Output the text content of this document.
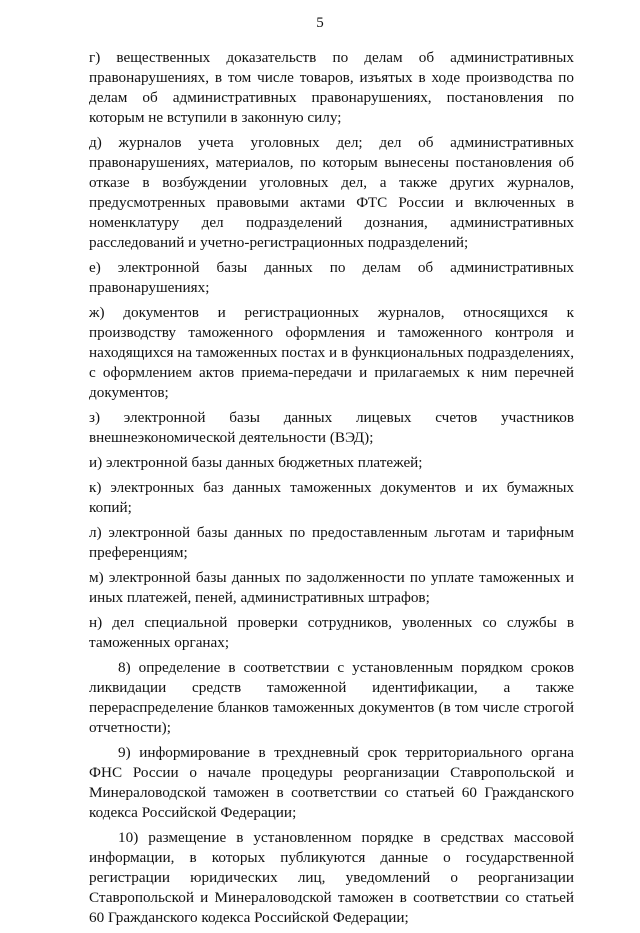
5

г) вещественных доказательств по делам об административных правонарушениях, в том числе товаров, изъятых в ходе производства по делам об административных правонарушениях, постановления по которым не вступили в законную силу;

д) журналов учета уголовных дел; дел об административных правонарушениях, материалов, по которым вынесены постановления об отказе в возбуждении уголовных дел, а также других журналов, предусмотренных правовыми актами ФТС России и включенных в номенклатуру дел подразделений дознания, административных расследований и учетно-регистрационных подразделений;

е) электронной базы данных по делам об административных правонарушениях;

ж) документов и регистрационных журналов, относящихся к производству таможенного оформления и таможенного контроля и находящихся на таможенных постах и в функциональных подразделениях, с оформлением актов приема-передачи и прилагаемых к ним перечней документов;

з) электронной базы данных лицевых счетов участников внешнеэкономической деятельности (ВЭД);

и) электронной базы данных бюджетных платежей;

к) электронных баз данных таможенных документов и их бумажных копий;

л) электронной базы данных по предоставленным льготам и тарифным преференциям;

м) электронной базы данных по задолженности по уплате таможенных и иных платежей, пеней, административных штрафов;

н) дел специальной проверки сотрудников, уволенных со службы в таможенных органах;

8) определение в соответствии с установленным порядком сроков ликвидации средств таможенной идентификации, а также перераспределение бланков таможенных документов (в том числе строгой отчетности);

9) информирование в трехдневный срок территориального органа ФНС России о начале процедуры реорганизации Ставропольской и Минераловодской таможен в соответствии со статьей 60 Гражданского кодекса Российской Федерации;

10) размещение в установленном порядке в средствах массовой информации, в которых публикуются данные о государственной регистрации юридических лиц, уведомлений о реорганизации Ставропольской и Минераловодской таможен в соответствии со статьей 60 Гражданского кодекса Российской Федерации;
